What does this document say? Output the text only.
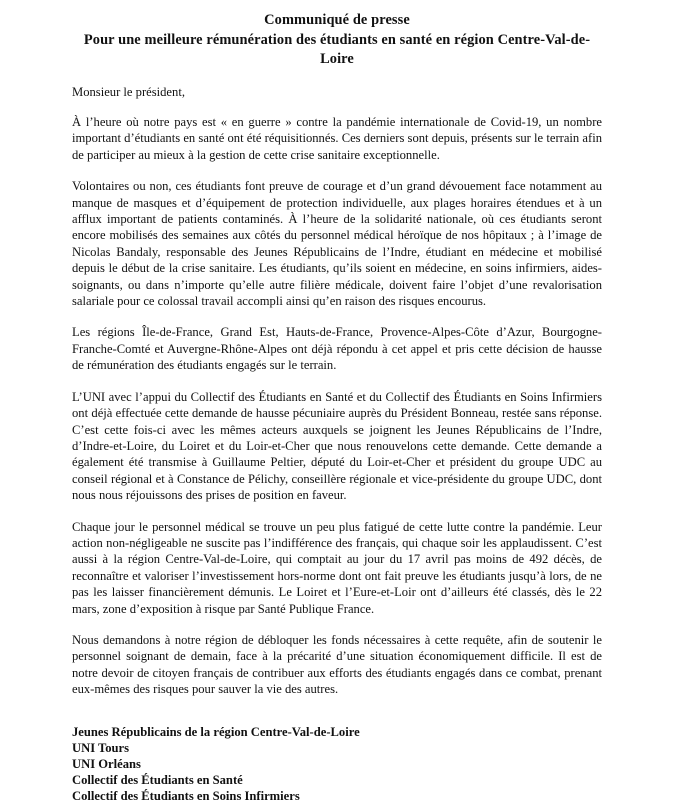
Communiqué de presse
Pour une meilleure rémunération des étudiants en santé en région Centre-Val-de-Loire
Monsieur le président,

À l’heure où notre pays est « en guerre » contre la pandémie internationale de Covid-19, un nombre important d’étudiants en santé ont été réquisitionnés. Ces derniers sont depuis, présents sur le terrain afin de participer au mieux à la gestion de cette crise sanitaire exceptionnelle.

Volontaires ou non, ces étudiants font preuve de courage et d’un grand dévouement face notamment au manque de masques et d’équipement de protection individuelle, aux plages horaires étendues et à un afflux important de patients contaminés. À l’heure de la solidarité nationale, où ces étudiants seront encore mobilisés des semaines aux côtés du personnel médical héroïque de nos hôpitaux ; à l’image de Nicolas Bandaly, responsable des Jeunes Républicains de l’Indre, étudiant en médecine et mobilisé depuis le début de la crise sanitaire. Les étudiants, qu’ils soient en médecine, en soins infirmiers, aides-soignants, ou dans n’importe qu’elle autre filière médicale, doivent faire l’objet d’une revalorisation salariale pour ce colossal travail accompli ainsi qu’en raison des risques encourus.

Les régions Île-de-France, Grand Est, Hauts-de-France, Provence-Alpes-Côte d’Azur, Bourgogne-Franche-Comté et Auvergne-Rhône-Alpes ont déjà répondu à cet appel et pris cette décision de hausse de rémunération des étudiants engagés sur le terrain.

L’UNI avec l’appui du Collectif des Étudiants en Santé et du Collectif des Étudiants en Soins Infirmiers ont déjà effectuée cette demande de hausse pécuniaire auprès du Président Bonneau, restée sans réponse. C’est cette fois-ci avec les mêmes acteurs auxquels se joignent les Jeunes Républicains de l’Indre, d’Indre-et-Loire, du Loiret et du Loir-et-Cher que nous renouvelons cette demande. Cette demande a également été transmise à Guillaume Peltier, député du Loir-et-Cher et président du groupe UDC au conseil régional et à Constance de Pélichy, conseillère régionale et vice-présidente du groupe UDC, dont nous nous réjouissons des prises de position en faveur.

Chaque jour le personnel médical se trouve un peu plus fatigué de cette lutte contre la pandémie. Leur action non-négligeable ne suscite pas l’indifférence des français, qui chaque soir les applaudissent. C’est aussi à la région Centre-Val-de-Loire, qui comptait au jour du 17 avril pas moins de 492 décès, de reconnaître et valoriser l’investissement hors-norme dont ont fait preuve les étudiants jusqu’à lors, de ne pas les laisser financièrement démunis. Le Loiret et l’Eure-et-Loir ont d’ailleurs été classés, dès le 22 mars, zone d’exposition à risque par Santé Publique France.

Nous demandons à notre région de débloquer les fonds nécessaires à cette requête, afin de soutenir le personnel soignant de demain, face à la précarité d’une situation économiquement difficile. Il est de notre devoir de citoyen français de contribuer aux efforts des étudiants engagés dans ce combat, prenant eux-mêmes des risques pour sauver la vie des autres.

Jeunes Républicains de la région Centre-Val-de-Loire
UNI Tours
UNI Orléans
Collectif des Étudiants en Santé
Collectif des Étudiants en Soins Infirmiers
